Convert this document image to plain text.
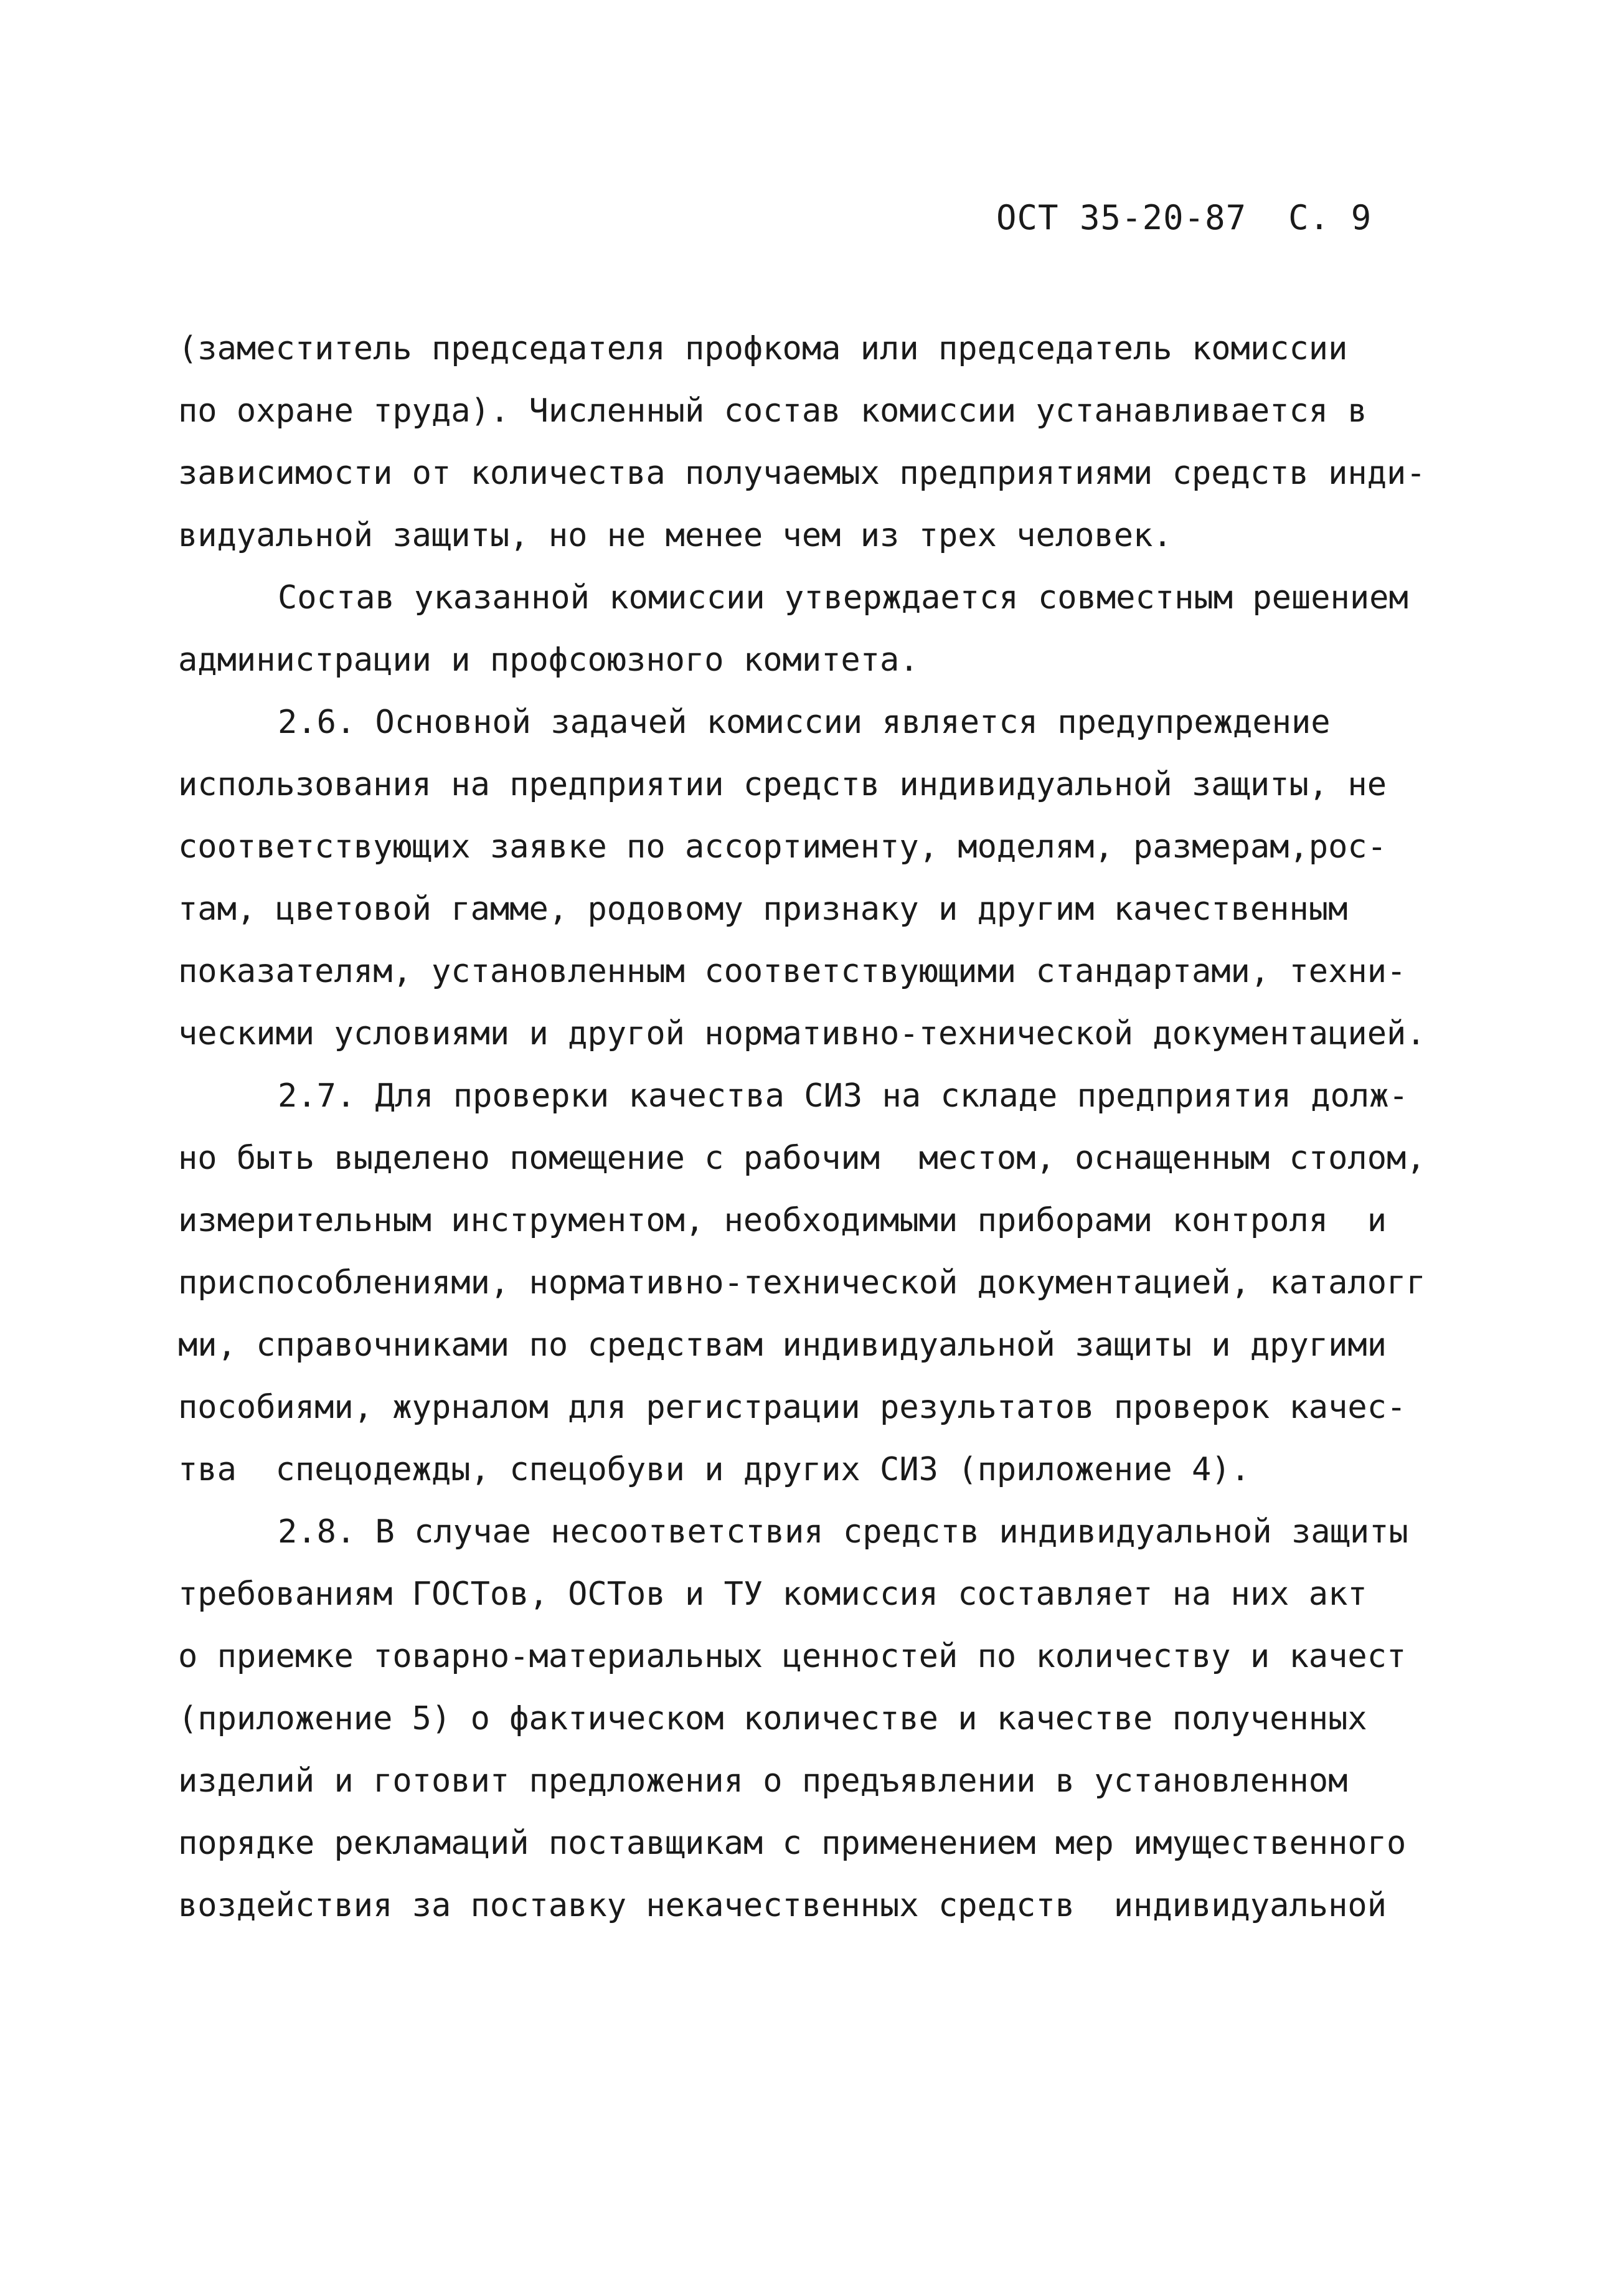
ОСТ 35-20-87 С. 9
(заместитель председателя профкома или председатель комиссии
по охране труда). Численный состав комиссии устанавливается в
зависимости от количества получаемых предприятиями средств инди-
видуальной защиты, но не менее чем из трех человек.
Состав указанной комиссии утверждается совместным решением
администрации и профсоюзного комитета.
2.6. Основной задачей комиссии является предупреждение
использования на предприятии средств индивидуальной защиты, не
соответствующих заявке по ассортименту, моделям, размерам,рос-
там, цветовой гамме, родовому признаку и другим качественным
показателям, установленным соответствующими стандартами, техни-
ческими условиями и другой нормативно-технической документацией.
2.7. Для проверки качества СИЗ на складе предприятия долж-
но быть выделено помещение с рабочим  местом, оснащенным столом,
измерительным инструментом, необходимыми приборами контроля  и
приспособлениями, нормативно-технической документацией, каталогг
ми, справочниками по средствам индивидуальной защиты и другими
пособиями, журналом для регистрации результатов проверок качес-
тва  спецодежды, спецобуви и других СИЗ (приложение 4).
2.8. В случае несоответствия средств индивидуальной защиты
требованиям ГОСТов, ОСТов и ТУ комиссия составляет на них акт
о приемке товарно-материальных ценностей по количеству и качест
(приложение 5) о фактическом количестве и качестве полученных
изделий и готовит предложения о предъявлении в установленном
порядке рекламаций поставщикам с применением мер имущественного
воздействия за поставку некачественных средств  индивидуальной
